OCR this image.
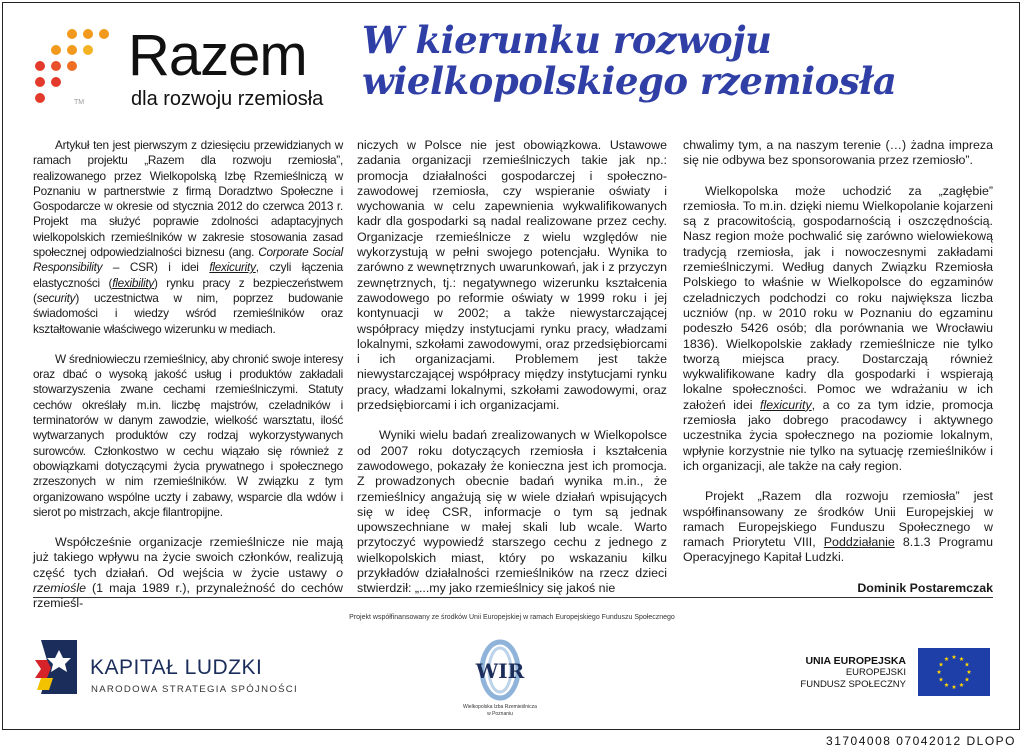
TM
Razem
dla rozwoju rzemiosła
W kierunku rozwoju
wielkopolskiego rzemiosła

Artykuł ten jest pierwszym z dziesięciu przewidzianych w ramach projektu „Razem dla rozwoju rzemiosła”, realizowanego przez Wielkopolską Izbę Rzemieślniczą w Poznaniu w partnerstwie z firmą Doradztwo Społeczne i Gospodarcze w okresie od stycznia 2012 do czerwca 2013 r. Projekt ma służyć poprawie zdolności adaptacyjnych wielkopolskich rzemieślników w zakresie stosowania zasad społecznej odpowiedzialności biznesu (ang. Corporate Social Responsibility – CSR) i idei flexicurity, czyli łączenia elastyczności (flexibility) rynku pracy z bezpieczeństwem (security) uczestnictwa w nim, poprzez budowanie świadomości i wiedzy wśród rzemieślników oraz kształtowanie właściwego wizerunku w mediach.

W średniowieczu rzemieślnicy, aby chronić swoje interesy oraz dbać o wysoką jakość usług i produktów zakładali stowarzyszenia zwane cechami rzemieślniczymi. Statuty cechów określały m.in. liczbę majstrów, czeladników i terminatorów w danym zawodzie, wielkość warsztatu, ilość wytwarzanych produktów czy rodzaj wykorzystywanych surowców. Członkostwo w cechu wiązało się również z obowiązkami dotyczącymi życia prywatnego i społecznego zrzeszonych w nim rzemieślników. W związku z tym organizowano wspólne uczty i zabawy, wsparcie dla wdów i sierot po mistrzach, akcje filantropijne.

Współcześnie organizacje rzemieślnicze nie mają już takiego wpływu na życie swoich członków, realizują część tych działań. Od wejścia w życie ustawy o rzemiośle (1 maja 1989 r.), przynależność do cechów rzemieśl-

niczych w Polsce nie jest obowiązkowa. Ustawowe zadania organizacji rzemieślniczych takie jak np.: promocja działalności gospodarczej i społeczno-zawodowej rzemiosła, czy wspieranie oświaty i wychowania w celu zapewnienia wykwalifikowanych kadr dla gospodarki są nadal realizowane przez cechy. Organizacje rzemieślnicze z wielu względów nie wykorzystują w pełni swojego potencjału. Wynika to zarówno z wewnętrznych uwarunkowań, jak i z przyczyn zewnętrznych, tj.: negatywnego wizerunku kształcenia zawodowego po reformie oświaty w 1999 roku i jej kontynuacji w 2002; a także niewystarczającej współpracy między instytucjami rynku pracy, władzami lokalnymi, szkołami zawodowymi, oraz przedsiębiorcami i ich organizacjami. Problemem jest także niewystarczającej współpracy między instytucjami rynku pracy, władzami lokalnymi, szkołami zawodowymi, oraz przedsiębiorcami i ich organizacjami.

Wyniki wielu badań zrealizowanych w Wielkopolsce od 2007 roku dotyczących rzemiosła i kształcenia zawodowego, pokazały że konieczna jest ich promocja. Z prowadzonych obecnie badań wynika m.in., że rzemieślnicy angażują się w wiele działań wpisujących się w ideę CSR, informacje o tym są jednak upowszechniane w małej skali lub wcale. Warto przytoczyć wypowiedź starszego cechu z jednego z wielkopolskich miast, który po wskazaniu kilku przykładów działalności rzemieślników na rzecz dzieci stwierdził: „...my jako rzemieślnicy się jakoś nie

chwalimy tym, a na naszym terenie (…) żadna impreza się nie odbywa bez sponsorowania przez rzemiosło”.

Wielkopolska może uchodzić za „zagłębie” rzemiosła. To m.in. dzięki niemu Wielkopolanie kojarzeni są z pracowitością, gospodarnością i oszczędnością. Nasz region może pochwalić się zarówno wielowiekową tradycją rzemiosła, jak i nowoczesnymi zakładami rzemieślniczymi. Według danych Związku Rzemiosła Polskiego to właśnie w Wielkopolsce do egzaminów czeladniczych podchodzi co roku największa liczba uczniów (np. w 2010 roku w Poznaniu do egzaminu podeszło 5426 osób; dla porównania we Wrocławiu 1836). Wielkopolskie zakłady rzemieślnicze nie tylko tworzą miejsca pracy. Dostarczają również wykwalifikowane kadry dla gospodarki i wspierają lokalne społeczności. Pomoc we wdrażaniu w ich założeń idei flexicurity, a co za tym idzie, promocja rzemiosła jako dobrego pracodawcy i aktywnego uczestnika życia społecznego na poziomie lokalnym, wpłynie korzystnie nie tylko na sytuację rzemieślników i ich organizacji, ale także na cały region.

Projekt „Razem dla rozwoju rzemiosła” jest współfinansowany ze środków Unii Europejskiej w ramach Europejskiego Funduszu Społecznego w ramach Priorytetu VIII, Poddziałanie 8.1.3 Programu Operacyjnego Kapitał Ludzki.

Dominik Postaremczak
Projekt współfinansowany ze środków Unii Europejskiej w ramach Europejskiego Funduszu Społecznego
KAPITAŁ LUDZKI
NARODOWA STRATEGIA SPÓJNOŚCI
WIR
Wielkopolska Izba Rzemieślnicza
w Poznaniu
UNIA EUROPEJSKA
EUROPEJSKI
FUNDUSZ SPOŁECZNY
31704008 07042012 DLOPO
